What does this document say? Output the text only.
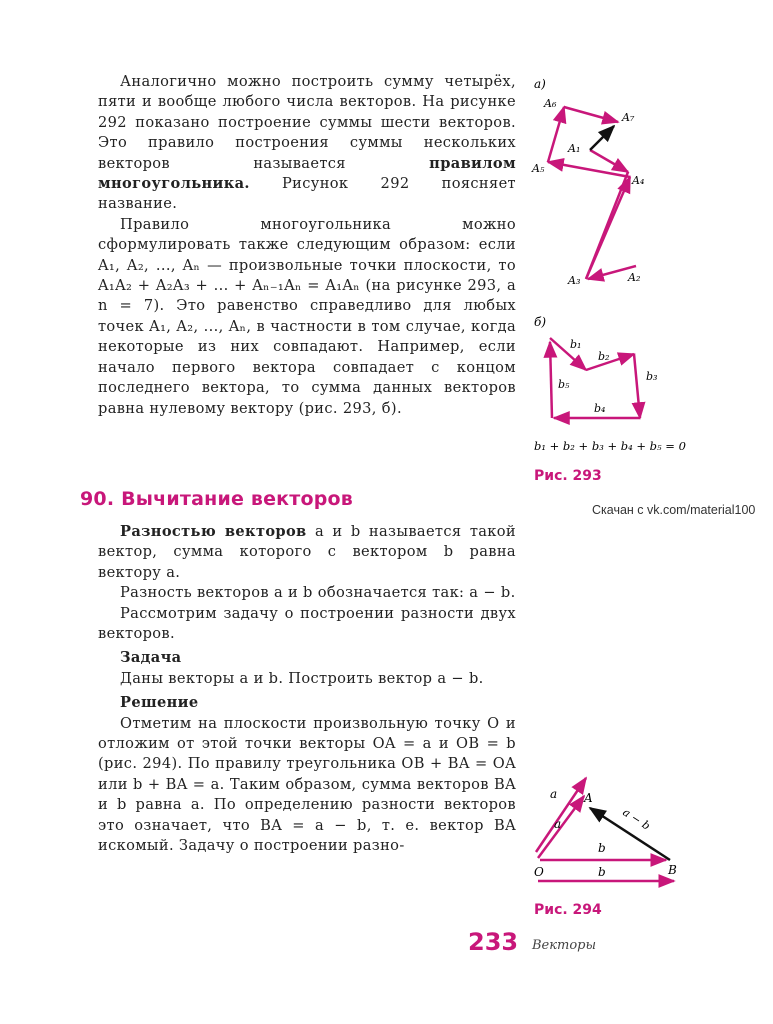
Аналогично можно построить сумму четырёх, пяти и вообще любого числа векторов. На рисунке 292 показано построение суммы шести векторов. Это правило построения суммы нескольких векторов называется	правилом многоугольника. Рисунок 292 поясняет название.

Правило многоугольника можно сформулировать также следующим образом: если A₁, A₂, ..., Aₙ — произвольные точки плоскости, то A₁A₂ + A₂A₃ + ... + Aₙ₋₁Aₙ = A₁Aₙ (на рисунке 293, а n = 7). Это равенство справедливо для любых точек A₁, A₂, ..., Aₙ, в частности в том случае, когда некоторые из них совпадают. Например, если начало первого вектора совпадает с концом последнего вектора, то сумма данных векторов равна нулевому вектору (рис. 293, б).

90. Вычитание векторов	Скачан с vk.com/material100

Разностью векторов a и b называется такой вектор, сумма которого с вектором b равна вектору a.

Разность векторов a и b обозначается так: a − b.

Рассмотрим задачу о построении разности двух векторов.

Задача

Даны векторы a и b. Построить вектор a − b.

Решение

Отметим на плоскости произвольную точку O и отложим от этой точки векторы OA = a и OB = b (рис. 294). По правилу треугольника OB + BA = OA или b + BA = a. Таким образом, сумма векторов BA и b равна a. По определению разности векторов это означает, что BA = a − b, т. е. вектор BA искомый. Задачу о построении разно-

а)
A₆
A₇
A₁
A₅
A₄
A₃	A₂
б)
b₁
b₂
b₃
b₄
b₅
b₁ + b₂ + b₃ + b₄ + b₅ = 0
Рис. 293
A
O	B
a
a
b
b
a − b
Рис. 294
233 Векторы
